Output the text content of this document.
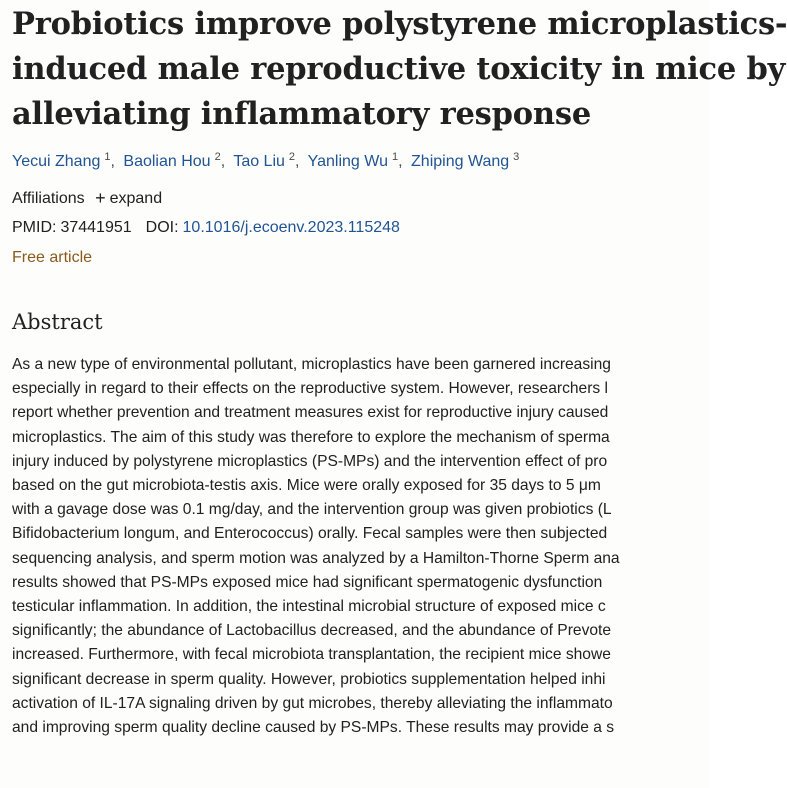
Probiotics improve polystyrene microplastics-
induced male reproductive toxicity in mice by
alleviating inflammatory response
Yecui Zhang $^1$, Baolian Hou $^2$, Tao Liu $^2$, Yanling Wu $^1$, Zhiping Wang $^3$
Affiliations + expand
PMID: 37441951 DOI: 10.1016/j.ecoenv.2023.115248
Free article
Abstract
As a new type of environmental pollutant, microplastics have been garnered increasing
especially in regard to their effects on the reproductive system. However, researchers l
report whether prevention and treatment measures exist for reproductive injury caused
microplastics. The aim of this study was therefore to explore the mechanism of sperma
injury induced by polystyrene microplastics (PS-MPs) and the intervention effect of pro
based on the gut microbiota-testis axis. Mice were orally exposed for 35 days to 5 μm
with a gavage dose was 0.1 mg/day, and the intervention group was given probiotics (L
Bifidobacterium longum, and Enterococcus) orally. Fecal samples were then subjected
sequencing analysis, and sperm motion was analyzed by a Hamilton-Thorne Sperm ana
results showed that PS-MPs exposed mice had significant spermatogenic dysfunction
testicular inflammation. In addition, the intestinal microbial structure of exposed mice c
significantly; the abundance of Lactobacillus decreased, and the abundance of Prevote
increased. Furthermore, with fecal microbiota transplantation, the recipient mice showe
significant decrease in sperm quality. However, probiotics supplementation helped inhi
activation of IL-17A signaling driven by gut microbes, thereby alleviating the inflammato
and improving sperm quality decline caused by PS-MPs. These results may provide a s
